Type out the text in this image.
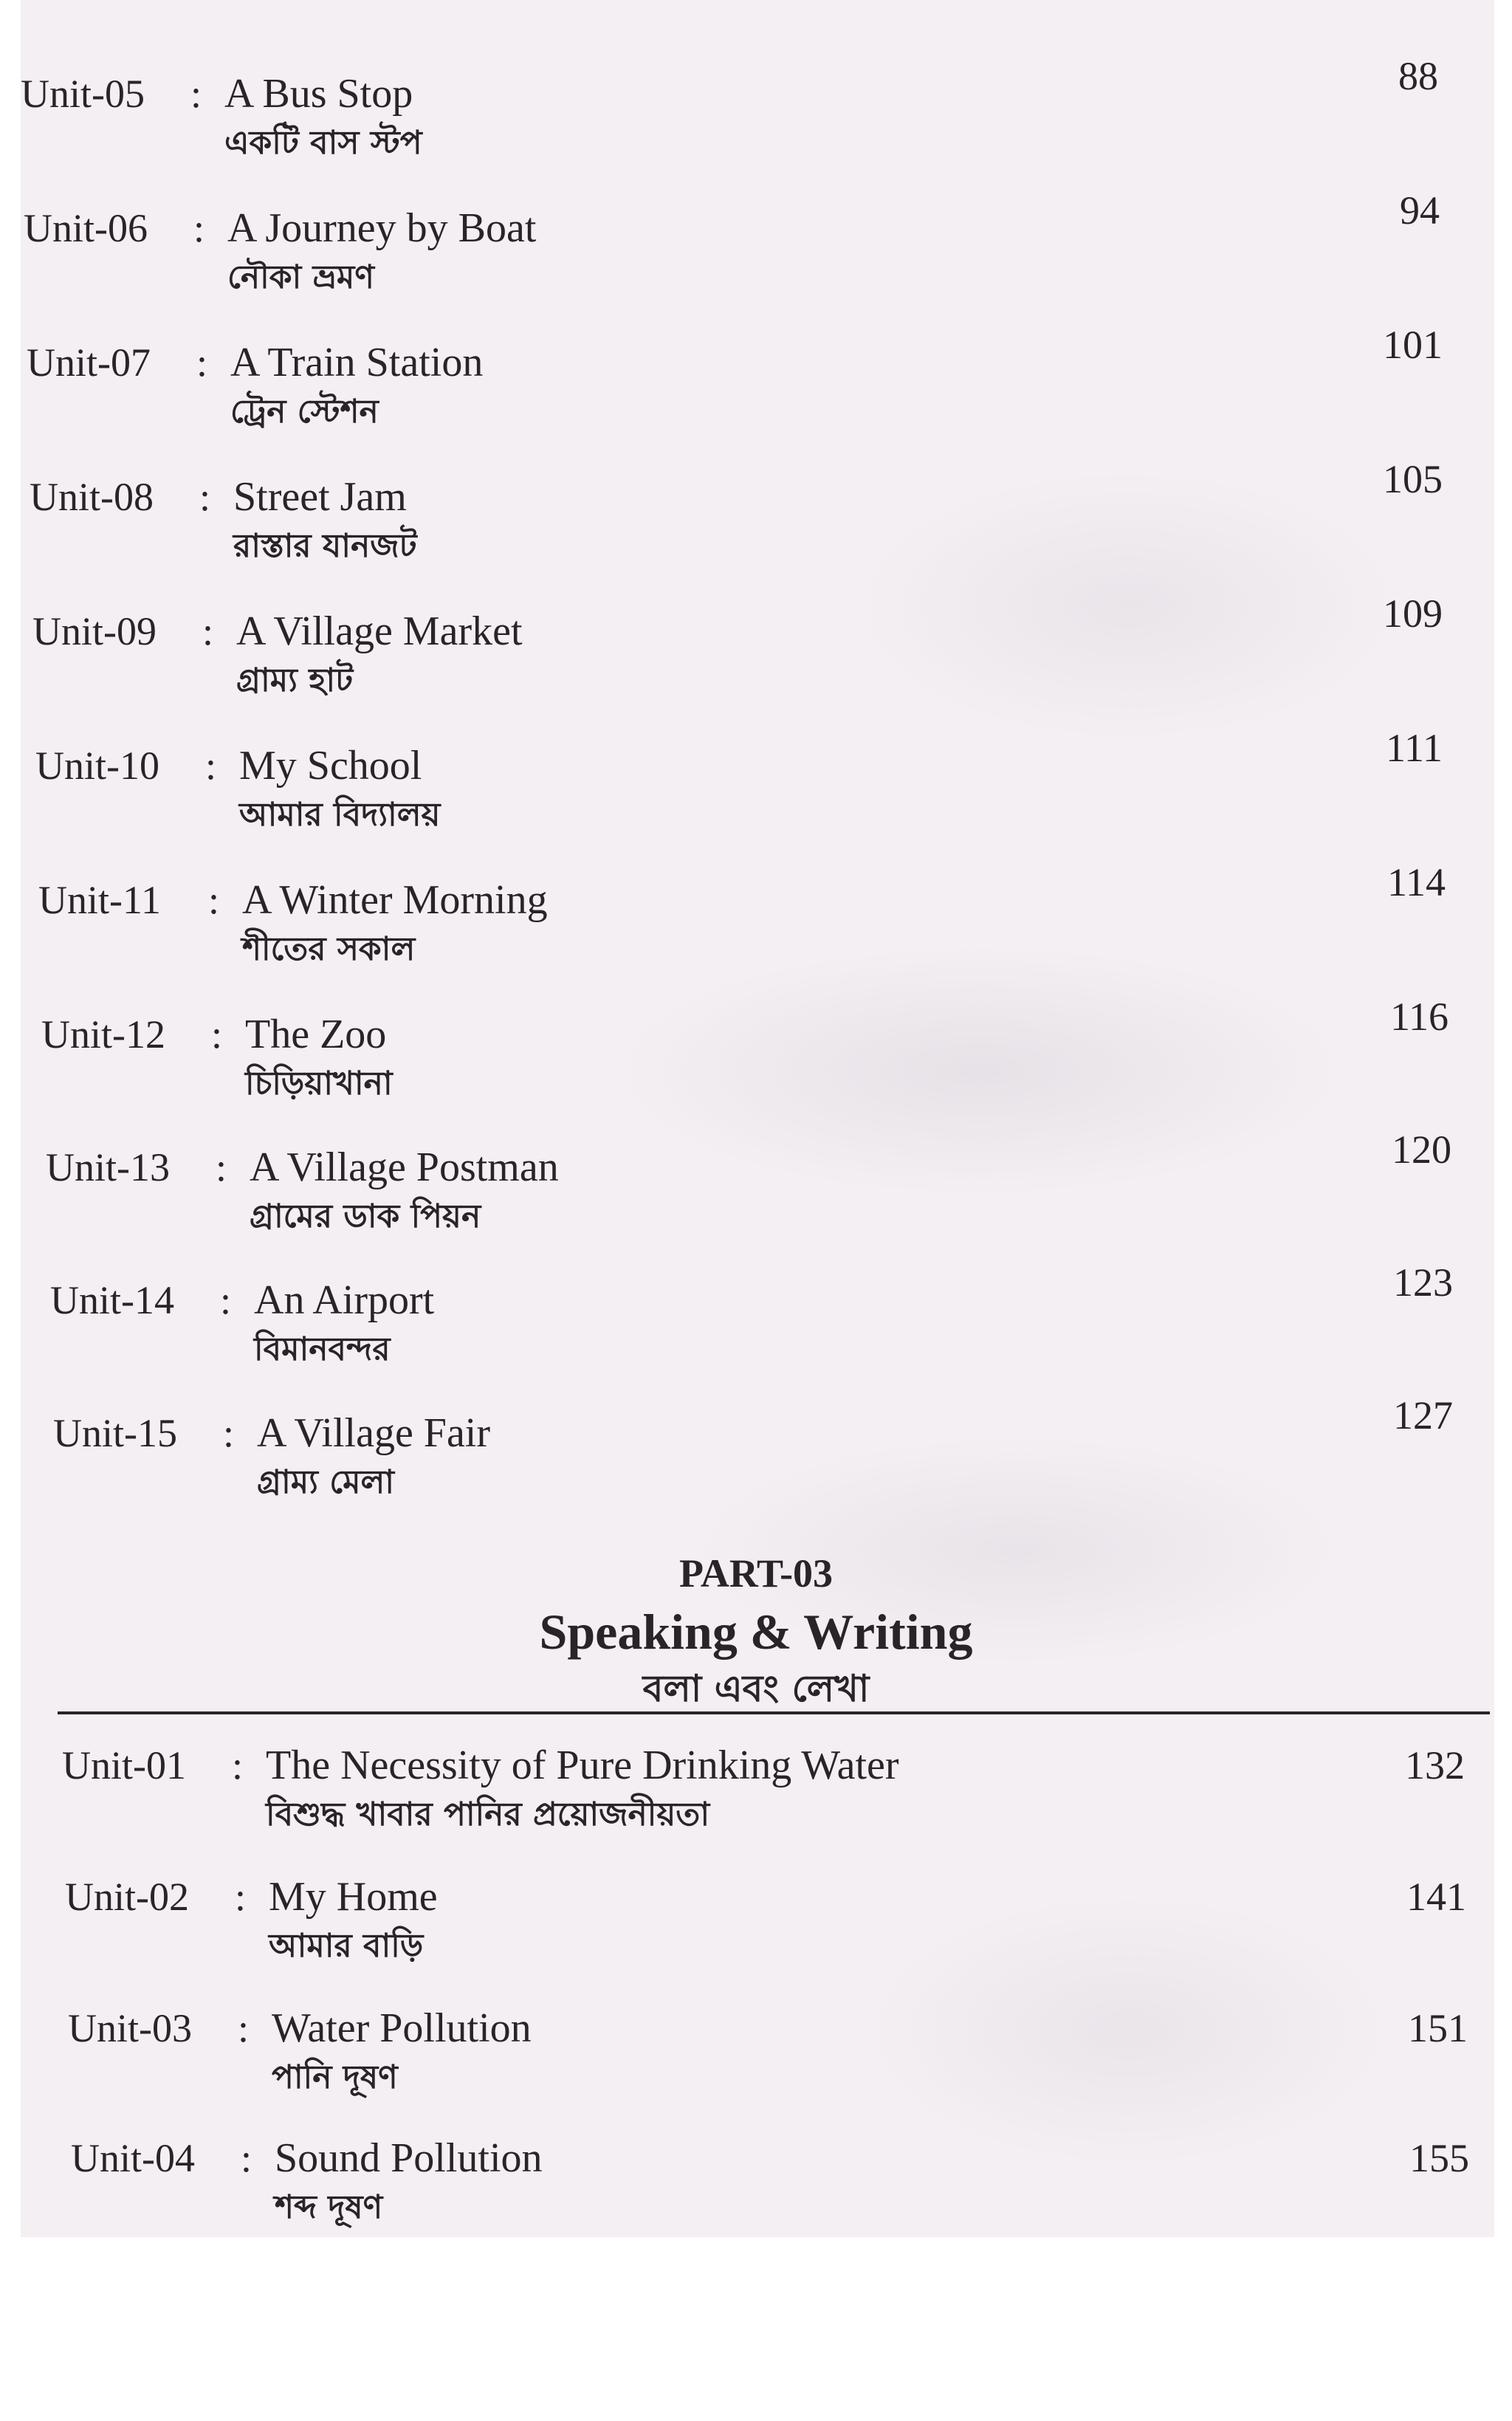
Unit-05 : A Bus Stop
একটি বাস স্টপ
88
Unit-06 : A Journey by Boat
নৌকা ভ্রমণ
94
Unit-07 : A Train Station
ট্রেন স্টেশন
101
Unit-08 : Street Jam
রাস্তার যানজট
105
Unit-09 : A Village Market
গ্রাম্য হাট
109
Unit-10 : My School
আমার বিদ্যালয়
111
Unit-11 : A Winter Morning
শীতের সকাল
114
Unit-12 : The Zoo
চিড়িয়াখানা
116
Unit-13 : A Village Postman
গ্রামের ডাক পিয়ন
120
Unit-14 : An Airport
বিমানবন্দর
123
Unit-15 : A Village Fair
গ্রাম্য মেলা
127
PART-03
Speaking & Writing
বলা এবং লেখা
Unit-01 : The Necessity of Pure Drinking Water
বিশুদ্ধ খাবার পানির প্রয়োজনীয়তা
132
Unit-02 : My Home
আমার বাড়ি
141
Unit-03 : Water Pollution
পানি দূষণ
151
Unit-04 : Sound Pollution
শব্দ দূষণ
155
